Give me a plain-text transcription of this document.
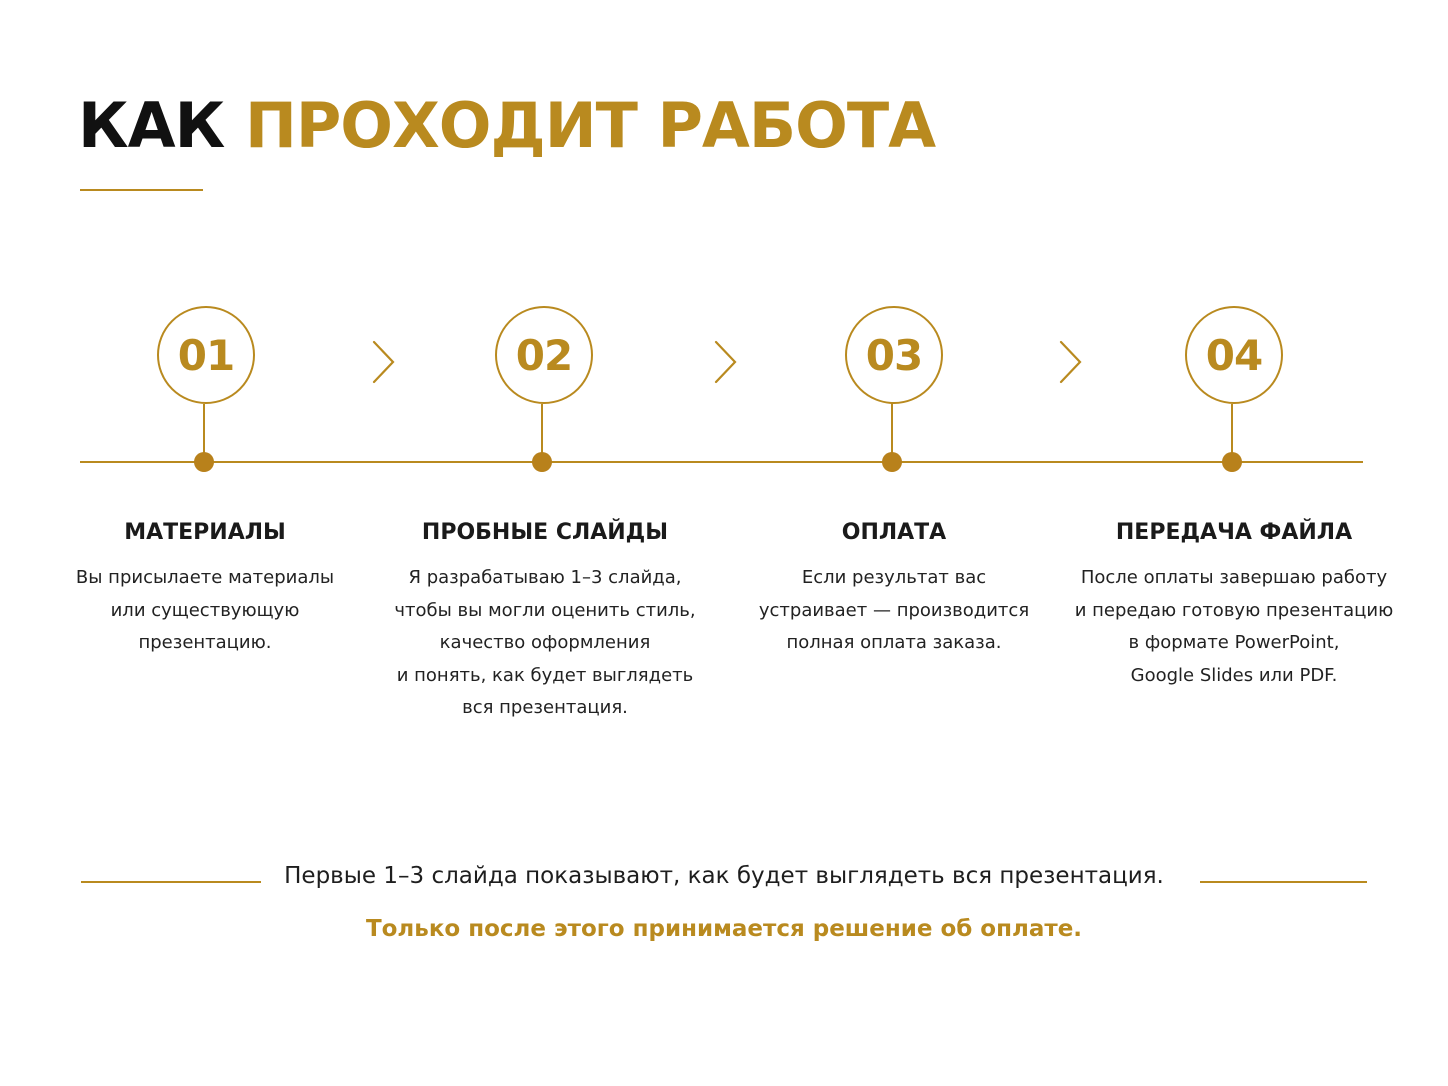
КАК ПРОХОДИТ РАБОТА
01
МАТЕРИАЛЫ

Вы присылаете материалы
или существующую
презентацию.

02
ПРОБНЫЕ СЛАЙДЫ

Я разрабатываю 1–3 слайда,
чтобы вы могли оценить стиль,
качество оформления
и понять, как будет выглядеть
вся презентация.

03
ОПЛАТА

Если результат вас
устраивает — производится
полная оплата заказа.

04
ПЕРЕДАЧА ФАЙЛА

После оплаты завершаю работу
и передаю готовую презентацию
в формате PowerPoint,
Google Slides или PDF.

Первые 1–3 слайда показывают, как будет выглядеть вся презентация.

Только после этого принимается решение об оплате.
